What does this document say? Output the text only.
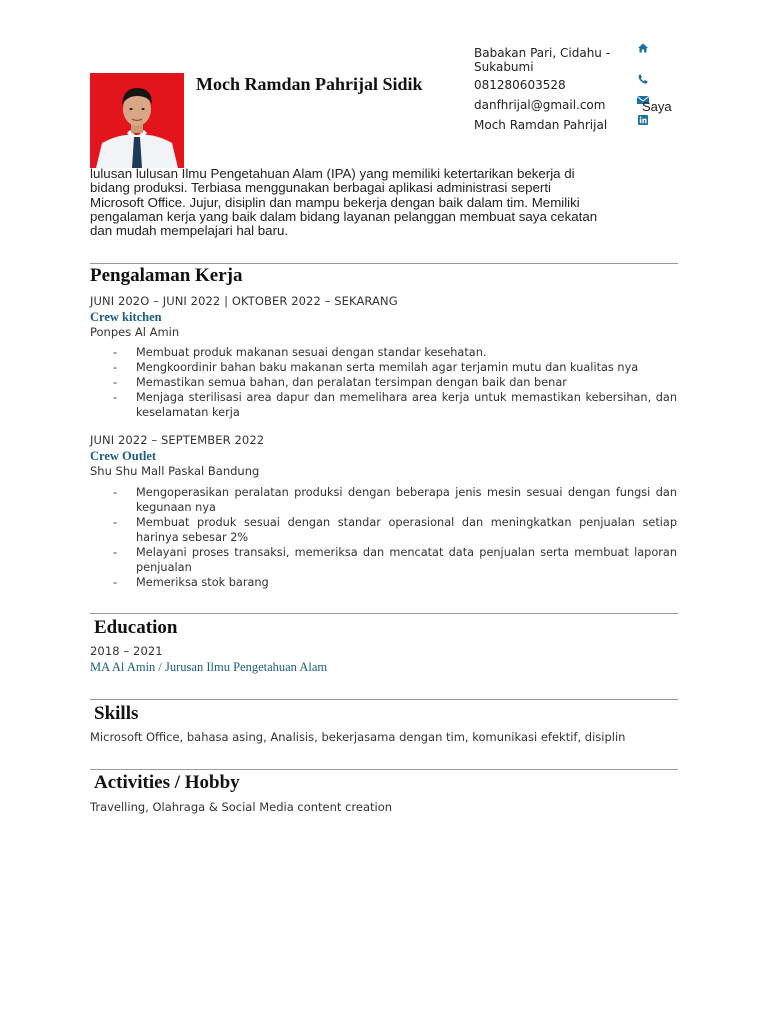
Moch Ramdan Pahrijal Sidik
Babakan Pari, Cidahu -
Sukabumi
081280603528
danfhrijal@gmail.com
Moch Ramdan Pahrijal
Saya
lulusan lulusan Ilmu Pengetahuan Alam (IPA) yang memiliki ketertarikan bekerja di
bidang produksi. Terbiasa menggunakan berbagai aplikasi administrasi seperti
Microsoft Office. Jujur, disiplin dan mampu bekerja dengan baik dalam tim. Memiliki
pengalaman kerja yang baik dalam bidang layanan pelanggan membuat saya cekatan
dan mudah mempelajari hal baru.
Pengalaman Kerja
JUNI 202O – JUNI 2022 | OKTOBER 2022 – SEKARANG
Crew kitchen
Ponpes Al Amin
- Membuat produk makanan sesuai dengan standar kesehatan.
- Mengkoordinir bahan baku makanan serta memilah agar terjamin mutu dan kualitas nya
- Memastikan semua bahan, dan peralatan tersimpan dengan baik dan benar
- Menjaga sterilisasi area dapur dan memelihara area kerja untuk memastikan kebersihan, dan keselamatan kerja
JUNI 2022 – SEPTEMBER 2022
Crew Outlet
Shu Shu Mall Paskal Bandung
- Mengoperasikan peralatan produksi dengan beberapa jenis mesin sesuai dengan fungsi dan kegunaan nya
- Membuat produk sesuai dengan standar operasional dan meningkatkan penjualan setiap harinya sebesar 2%
- Melayani proses transaksi, memeriksa dan mencatat data penjualan serta membuat laporan penjualan
- Memeriksa stok barang
Education
2018 – 2021
MA Al Amin / Jurusan Ilmu Pengetahuan Alam
Skills
Microsoft Office, bahasa asing, Analisis, bekerjasama dengan tim, komunikasi efektif, disiplin
Activities / Hobby
Travelling, Olahraga & Social Media content creation
